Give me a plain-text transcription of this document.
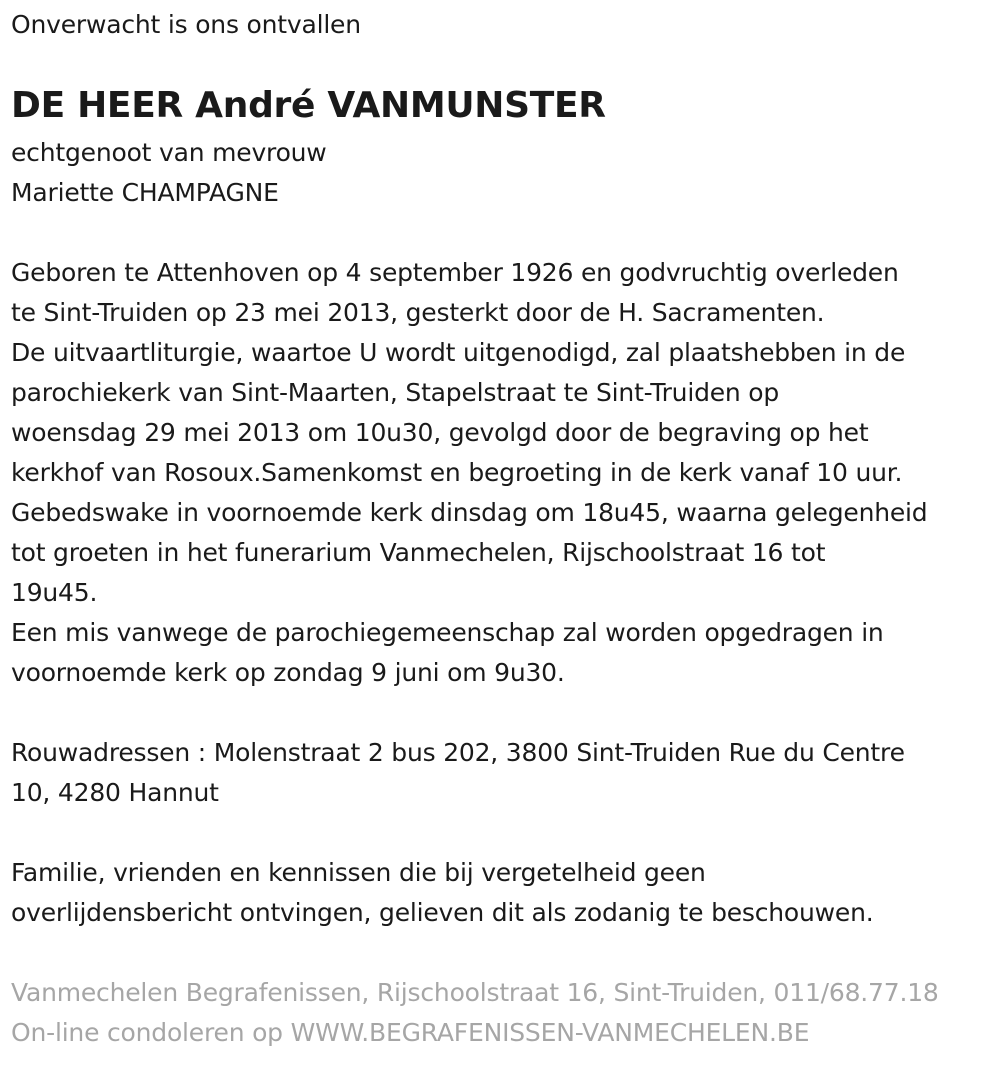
Onverwacht is ons ontvallen
DE HEER André VANMUNSTER
echtgenoot van mevrouw
Mariette CHAMPAGNE
Geboren te Attenhoven op 4 september 1926 en godvruchtig overleden
te Sint-Truiden op 23 mei 2013, gesterkt door de H. Sacramenten.
De uitvaartliturgie, waartoe U wordt uitgenodigd, zal plaatshebben in de
parochiekerk van Sint-Maarten, Stapelstraat te Sint-Truiden op
woensdag 29 mei 2013 om 10u30, gevolgd door de begraving op het
kerkhof van Rosoux.Samenkomst en begroeting in de kerk vanaf 10 uur.
Gebedswake in voornoemde kerk dinsdag om 18u45, waarna gelegenheid
tot groeten in het funerarium Vanmechelen, Rijschoolstraat 16 tot
19u45.
Een mis vanwege de parochiegemeenschap zal worden opgedragen in
voornoemde kerk op zondag 9 juni om 9u30.
Rouwadressen : Molenstraat 2 bus 202, 3800 Sint-Truiden Rue du Centre
10, 4280 Hannut
Familie, vrienden en kennissen die bij vergetelheid geen
overlijdensbericht ontvingen, gelieven dit als zodanig te beschouwen.
Vanmechelen Begrafenissen, Rijschoolstraat 16, Sint-Truiden, 011/68.77.18
On-line condoleren op WWW.BEGRAFENISSEN-VANMECHELEN.BE
